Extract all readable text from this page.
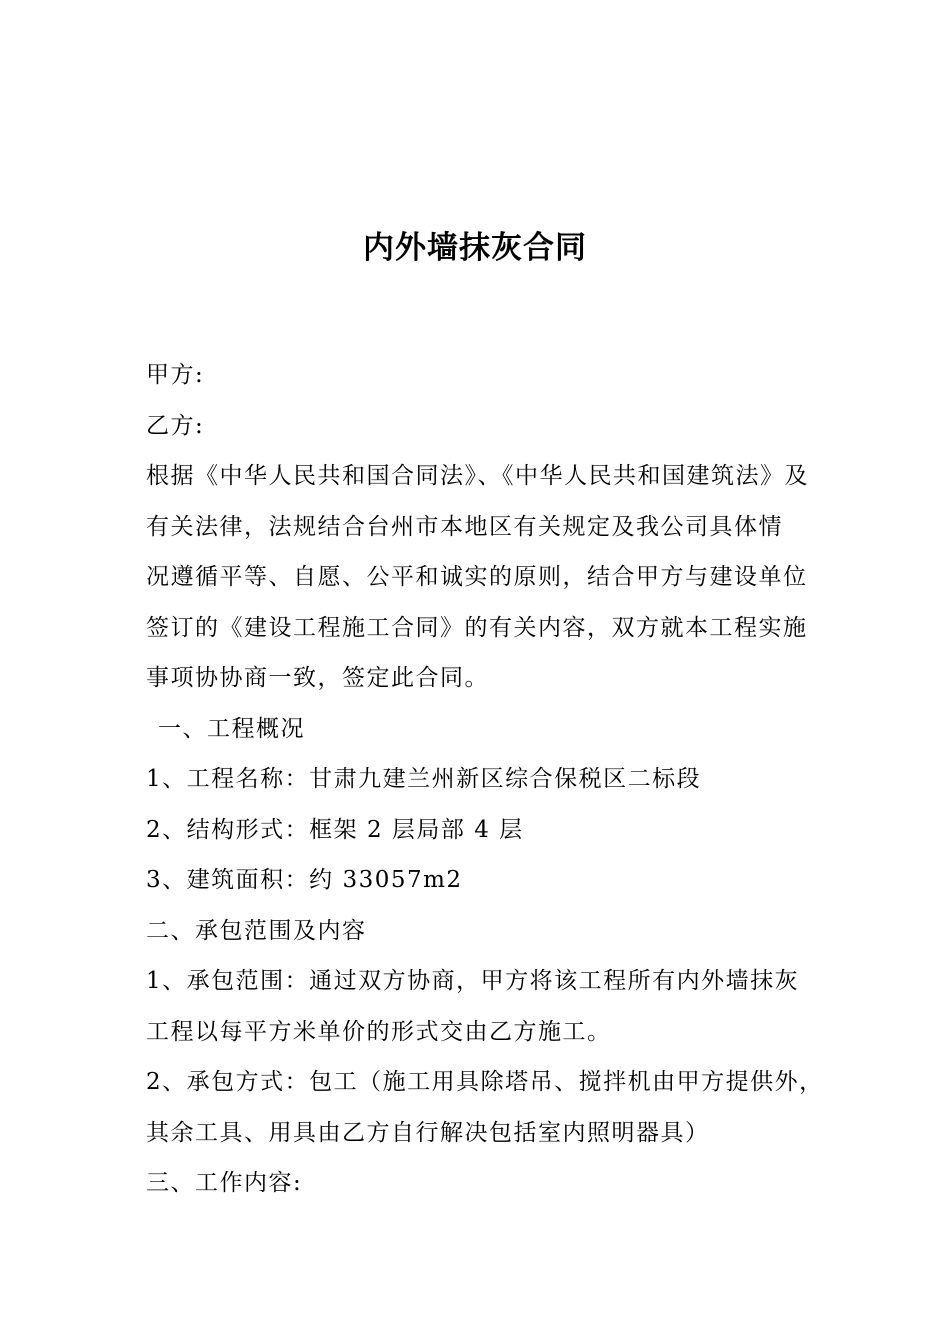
内外墙抹灰合同
甲方:
乙方:
根据《中华人民共和国合同法》、《中华人民共和国建筑法》及
有关法律，法规结合台州市本地区有关规定及我公司具体情
况遵循平等、自愿、公平和诚实的原则，结合甲方与建设单位
签订的《建设工程施工合同》的有关内容，双方就本工程实施
事项协协商一致，签定此合同。
一、工程概况
1、工程名称：甘肃九建兰州新区综合保税区二标段
2、结构形式：框架 2 层局部 4 层
3、建筑面积：约 33057m2
二、承包范围及内容
1、承包范围：通过双方协商，甲方将该工程所有内外墙抹灰
工程以每平方米单价的形式交由乙方施工。
2、承包方式：包工（施工用具除塔吊、搅拌机由甲方提供外，
其余工具、用具由乙方自行解决包括室内照明器具）
三、工作内容:
